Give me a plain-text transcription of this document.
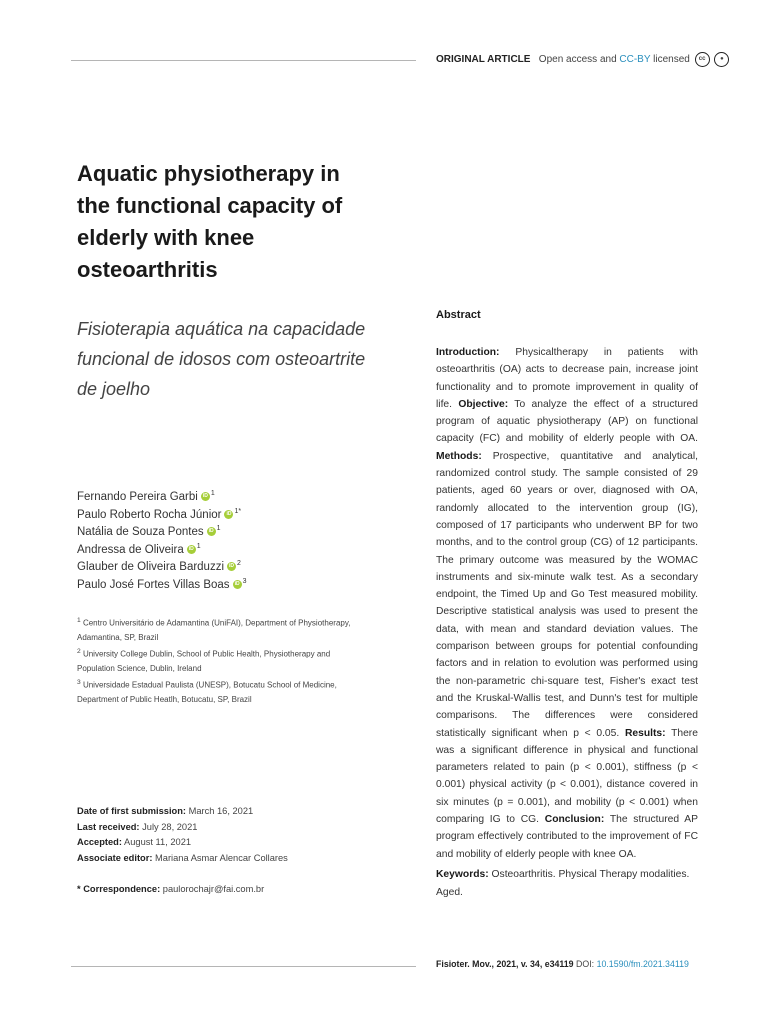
ORIGINAL ARTICLE Open access and CC-BY licensed cc ●
Aquatic physiotherapy in the functional capacity of elderly with knee osteoarthritis

Fisioterapia aquática na capacidade funcional de idosos com osteoartrite de joelho

Fernando Pereira Garbi iD $^1$
Paulo Roberto Rocha Júnior iD $^{1*}$
Natália de Souza Pontes iD $^1$
Andressa de Oliveira iD $^1$
Glauber de Oliveira Barduzzi iD $^2$
Paulo José Fortes Villas Boas iD $^3$

$^1$ Centro Universitário de Adamantina (UniFAI), Department of Physiotherapy, Adamantina, SP, Brazil

$^2$ University College Dublin, School of Public Health, Physiotherapy and Population Science, Dublin, Ireland

$^3$ Universidade Estadual Paulista (UNESP), Botucatu School of Medicine, Department of Public Heatlh, Botucatu, SP, Brazil

Date of first submission: March 16, 2021
Last received: July 28, 2021
Accepted: August 11, 2021
Associate editor: Mariana Asmar Alencar Collares
* Correspondence: paulorochajr@fai.com.br
Abstract

Introduction: Physicaltherapy in patients with osteoarthritis (OA) acts to decrease pain, increase joint functionality and to promote improvement in quality of life. Objective: To analyze the effect of a structured program of aquatic physiotherapy (AP) on functional capacity (FC) and mobility of elderly people with OA. Methods: Prospective, quantitative and analytical, randomized control study. The sample consisted of 29 patients, aged 60 years or over, diagnosed with OA, randomly allocated to the intervention group (IG), composed of 17 participants who underwent BP for two months, and to the control group (CG) of 12 participants. The primary outcome was measured by the WOMAC instruments and six-minute walk test. As a secondary endpoint, the Timed Up and Go Test measured mobility. Descriptive statistical analysis was used to present the data, with mean and standard deviation values. The comparison between groups for potential confounding factors and in relation to evolution was performed using the non-parametric chi-square test, Fisher's exact test and the Kruskal-Wallis test, and Dunn's test for multiple comparisons. The differences were considered statistically significant when p < 0.05. Results: There was a significant difference in physical and functional parameters related to pain (p < 0.001), stiffness (p < 0.001) physical activity (p < 0.001), distance covered in six minutes (p = 0.001), and mobility (p < 0.001) when comparing IG to CG. Conclusion: The structured AP program effectively contributed to the improvement of FC and mobility of elderly people with knee OA.

Keywords: Osteoarthritis. Physical Therapy modalities. Aged.

Fisioter. Mov., 2021, v. 34, e34119 DOI: 10.1590/fm.2021.34119
